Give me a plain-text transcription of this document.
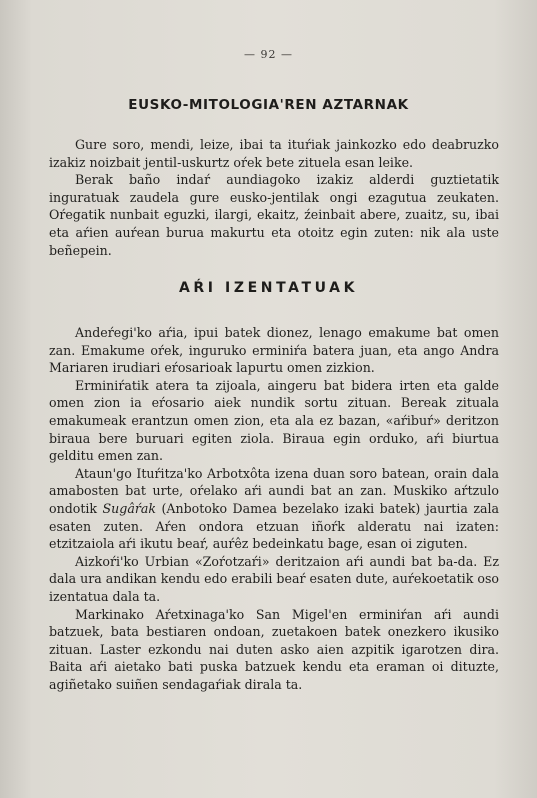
— 92 —
EUSKO-MITOLOGIA'REN AZTARNAK

Gure soro, mendi, leize, ibai ta ituŕiak jainkozko edo deabruzko izakiz noizbait jentil-uskurtz oŕek bete zituela esan leike.

Berak baño indaŕ aundiagoko izakiz alderdi guztietatik inguratuak zaudela gure eusko-jentilak ongi ezagutua zeukaten. Oŕegatik nunbait eguzki, ilargi, ekaitz, źeinbait abere, zuaitz, su, ibai eta aŕien auŕean burua makurtu eta otoitz egin zuten: nik ala uste beñepein.

AŔI IZENTATUAK

Andeŕegi'ko aŕia, ipui batek dionez, lenago emakume bat omen zan. Emakume oŕek, inguruko erminiŕa batera juan, eta ango Andra Mariaren irudiari eŕosarioak lapurtu omen zizkion.

Erminiŕatik atera ta zijoala, aingeru bat bidera irten eta galde omen zion ia eŕosario aiek nundik sortu zituan. Bereak zituala emakumeak erantzun omen zion, eta ala ez bazan, «aŕibuŕ» deritzon biraua bere buruari egiten ziola. Biraua egin orduko, aŕi biurtua gelditu emen zan.

Ataun'go Ituŕitza'ko Arbotxôta izena duan soro batean, orain dala amabosten bat urte, oŕelako aŕi aundi bat an zan. Muskiko aŕtzulo ondotik Sugâŕak (Anbotoko Damea bezelako izaki batek) jaurtia zala esaten zuten. Aŕen ondora etzuan iñoŕk alderatu nai izaten: etzitzaiola aŕi ikutu beaŕ, auŕêz bedeinkatu bage, esan oi ziguten.

Aizkoŕi'ko Urbian «Zoŕotzaŕi» deritzaion aŕi aundi bat ba-da. Ez dala ura andikan kendu edo erabili beaŕ esaten dute, auŕekoetatik oso izentatua dala ta.

Markinako Aŕetxinaga'ko San Migel'en erminiŕan aŕi aundi batzuek, bata bestiaren ondoan, zuetakoen batek onezkero ikusiko zituan. Laster ezkondu nai duten asko aien azpitik igarotzen dira. Baita aŕi aietako bati puska batzuek kendu eta eraman oi dituzte, agiñetako suiñen sendagaŕiak dirala ta.
